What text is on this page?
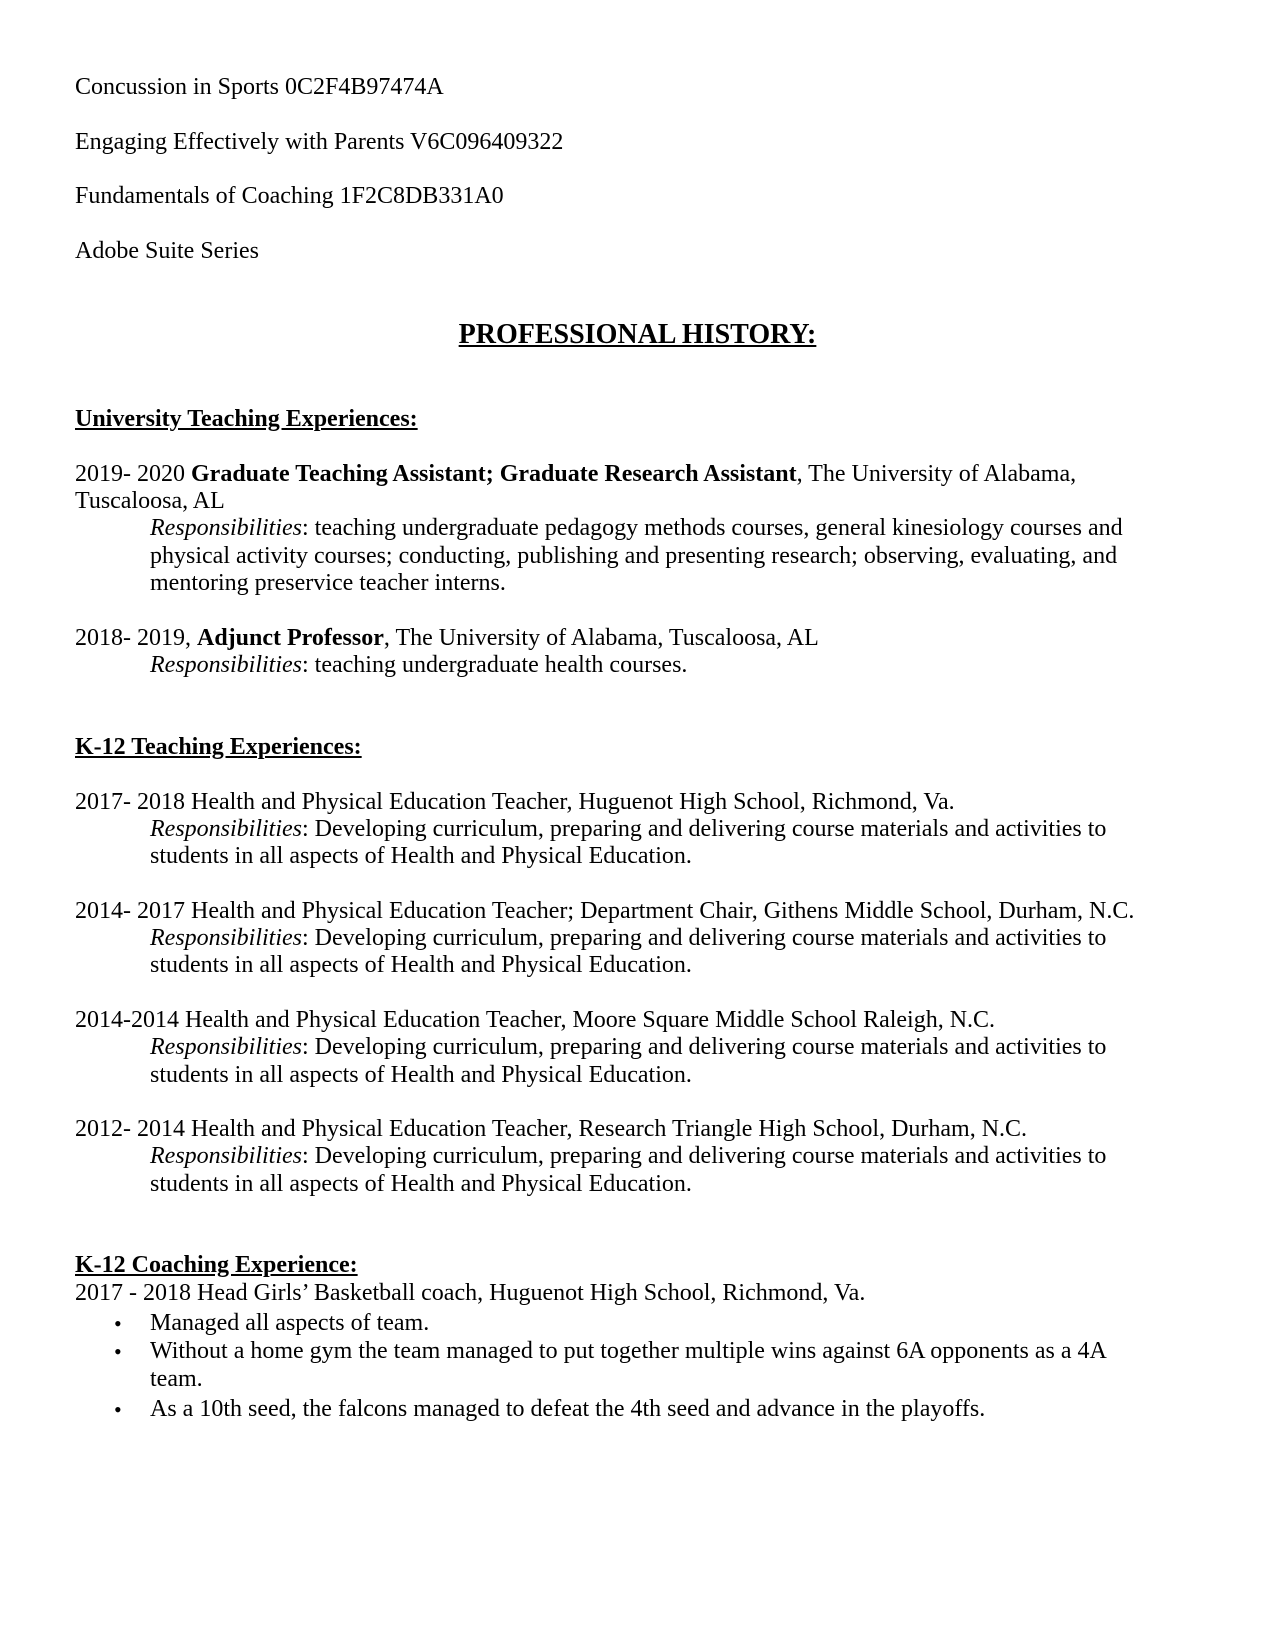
Concussion in Sports 0C2F4B97474A
Engaging Effectively with Parents V6C096409322
Fundamentals of Coaching 1F2C8DB331A0
Adobe Suite Series
PROFESSIONAL HISTORY:
University Teaching Experiences:
2019- 2020 Graduate Teaching Assistant; Graduate Research Assistant, The University of Alabama,
Tuscaloosa, AL
Responsibilities: teaching undergraduate pedagogy methods courses, general kinesiology courses and
physical activity courses; conducting, publishing and presenting research; observing, evaluating, and
mentoring preservice teacher interns.
2018- 2019, Adjunct Professor, The University of Alabama, Tuscaloosa, AL
Responsibilities: teaching undergraduate health courses.
K-12 Teaching Experiences:
2017- 2018 Health and Physical Education Teacher, Huguenot High School, Richmond, Va.
Responsibilities: Developing curriculum, preparing and delivering course materials and activities to
students in all aspects of Health and Physical Education.
2014- 2017 Health and Physical Education Teacher; Department Chair, Githens Middle School, Durham, N.C.
Responsibilities: Developing curriculum, preparing and delivering course materials and activities to
students in all aspects of Health and Physical Education.
2014-2014 Health and Physical Education Teacher, Moore Square Middle School Raleigh, N.C.
Responsibilities: Developing curriculum, preparing and delivering course materials and activities to
students in all aspects of Health and Physical Education.
2012- 2014 Health and Physical Education Teacher, Research Triangle High School, Durham, N.C.
Responsibilities: Developing curriculum, preparing and delivering course materials and activities to
students in all aspects of Health and Physical Education.
K-12 Coaching Experience:
2017 - 2018 Head Girls’ Basketball coach, Huguenot High School, Richmond, Va.
• Managed all aspects of team.
• Without a home gym the team managed to put together multiple wins against 6A opponents as a 4A
team.
• As a 10th seed, the falcons managed to defeat the 4th seed and advance in the playoffs.
